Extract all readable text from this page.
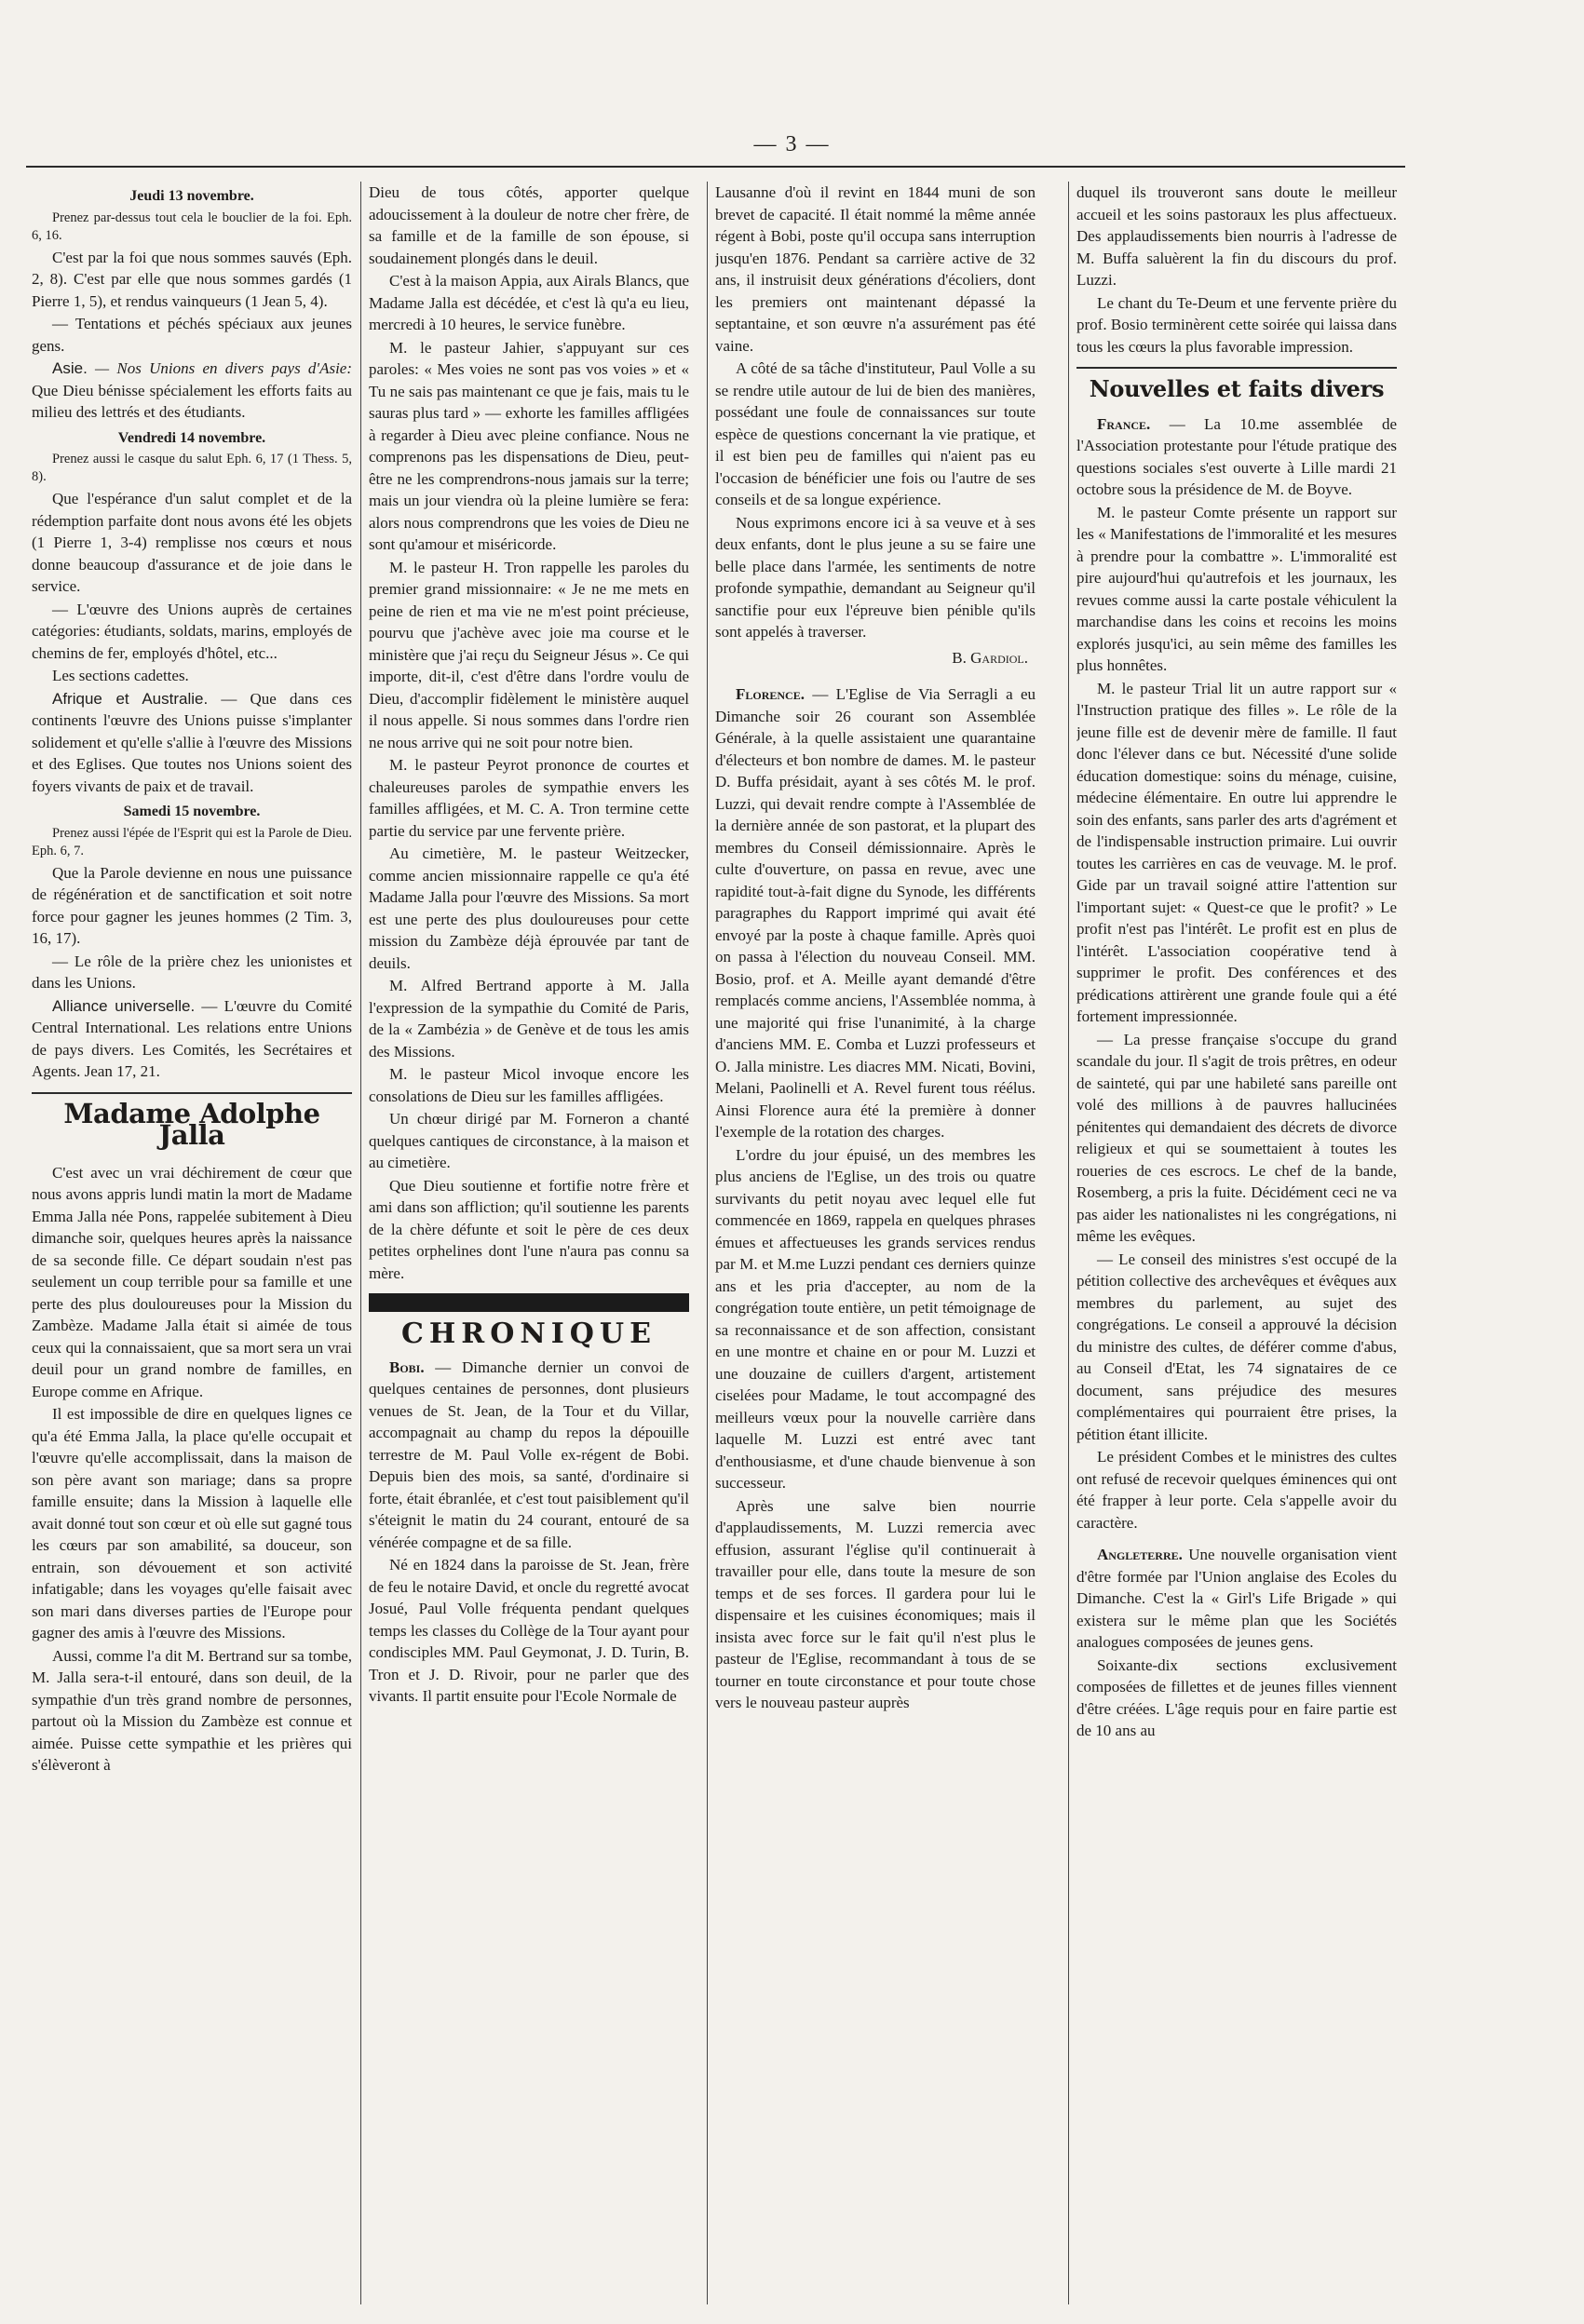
— 3 —
Jeudi 13 novembre.
Prenez par-dessus tout cela le bouclier de la foi. Eph. 6, 16.

C'est par la foi que nous sommes sauvés (Eph. 2, 8). C'est par elle que nous sommes gardés (1 Pierre 1, 5), et rendus vainqueurs (1 Jean 5, 4).

— Tentations et péchés spéciaux aux jeunes gens.

Asie. — Nos Unions en divers pays d'Asie: Que Dieu bénisse spécialement les efforts faits au milieu des lettrés et des étudiants.

Vendredi 14 novembre.
Prenez aussi le casque du salut Eph. 6, 17 (1 Thess. 5, 8).

Que l'espérance d'un salut complet et de la rédemption parfaite dont nous avons été les objets (1 Pierre 1, 3-4) remplisse nos cœurs et nous donne beaucoup d'assurance et de joie dans le service.

— L'œuvre des Unions auprès de certaines catégories: étudiants, soldats, marins, employés de chemins de fer, employés d'hôtel, etc...

Les sections cadettes.

Afrique et Australie. — Que dans ces continents l'œuvre des Unions puisse s'implanter solidement et qu'elle s'allie à l'œuvre des Missions et des Eglises. Que toutes nos Unions soient des foyers vivants de paix et de travail.

Samedi 15 novembre.
Prenez aussi l'épée de l'Esprit qui est la Parole de Dieu. Eph. 6, 7.

Que la Parole devienne en nous une puissance de régénération et de sanctification et soit notre force pour gagner les jeunes hommes (2 Tim. 3, 16, 17).

— Le rôle de la prière chez les unionistes et dans les Unions.

Alliance universelle. — L'œuvre du Comité Central International. Les relations entre Unions de pays divers. Les Comités, les Secrétaires et Agents. Jean 17, 21.

Madame Adolphe Jalla

C'est avec un vrai déchirement de cœur que nous avons appris lundi matin la mort de Madame Emma Jalla née Pons, rappelée subitement à Dieu dimanche soir, quelques heures après la naissance de sa seconde fille. Ce départ soudain n'est pas seulement un coup terrible pour sa famille et une perte des plus douloureuses pour la Mission du Zambèze. Madame Jalla était si aimée de tous ceux qui la connaissaient, que sa mort sera un vrai deuil pour un grand nombre de familles, en Europe comme en Afrique.

Il est impossible de dire en quelques lignes ce qu'a été Emma Jalla, la place qu'elle occupait et l'œuvre qu'elle accomplissait, dans la maison de son père avant son mariage; dans sa propre famille ensuite; dans la Mission à laquelle elle avait donné tout son cœur et où elle sut gagné tous les cœurs par son amabilité, sa douceur, son entrain, son dévouement et son activité infatigable; dans les voyages qu'elle faisait avec son mari dans diverses parties de l'Europe pour gagner des amis à l'œuvre des Missions.

Aussi, comme l'a dit M. Bertrand sur sa tombe, M. Jalla sera-t-il entouré, dans son deuil, de la sympathie d'un très grand nombre de personnes, partout où la Mission du Zambèze est connue et aimée. Puisse cette sympathie et les prières qui s'élèveront à

Dieu de tous côtés, apporter quelque adoucissement à la douleur de notre cher frère, de sa famille et de la famille de son épouse, si soudainement plongés dans le deuil.

C'est à la maison Appia, aux Airals Blancs, que Madame Jalla est décédée, et c'est là qu'a eu lieu, mercredi à 10 heures, le service funèbre.

M. le pasteur Jahier, s'appuyant sur ces paroles: « Mes voies ne sont pas vos voies » et « Tu ne sais pas maintenant ce que je fais, mais tu le sauras plus tard » — exhorte les familles affligées à regarder à Dieu avec pleine confiance. Nous ne comprenons pas les dispensations de Dieu, peut-être ne les comprendrons-nous jamais sur la terre; mais un jour viendra où la pleine lumière se fera: alors nous comprendrons que les voies de Dieu ne sont qu'amour et miséricorde.

M. le pasteur H. Tron rappelle les paroles du premier grand missionnaire: « Je ne me mets en peine de rien et ma vie ne m'est point précieuse, pourvu que j'achève avec joie ma course et le ministère que j'ai reçu du Seigneur Jésus ». Ce qui importe, dit-il, c'est d'être dans l'ordre voulu de Dieu, d'accomplir fidèlement le ministère auquel il nous appelle. Si nous sommes dans l'ordre rien ne nous arrive qui ne soit pour notre bien.

M. le pasteur Peyrot prononce de courtes et chaleureuses paroles de sympathie envers les familles affligées, et M. C. A. Tron termine cette partie du service par une fervente prière.

Au cimetière, M. le pasteur Weitzecker, comme ancien missionnaire rappelle ce qu'a été Madame Jalla pour l'œuvre des Missions. Sa mort est une perte des plus douloureuses pour cette mission du Zambèze déjà éprouvée par tant de deuils.

M. Alfred Bertrand apporte à M. Jalla l'expression de la sympathie du Comité de Paris, de la « Zambézia » de Genève et de tous les amis des Missions.

M. le pasteur Micol invoque encore les consolations de Dieu sur les familles affligées.

Un chœur dirigé par M. Forneron a chanté quelques cantiques de circonstance, à la maison et au cimetière.

Que Dieu soutienne et fortifie notre frère et ami dans son affliction; qu'il soutienne les parents de la chère défunte et soit le père de ces deux petites orphelines dont l'une n'aura pas connu sa mère.

CHRONIQUE

Bobi. — Dimanche dernier un convoi de quelques centaines de personnes, dont plusieurs venues de St. Jean, de la Tour et du Villar, accompagnait au champ du repos la dépouille terrestre de M. Paul Volle ex-régent de Bobi. Depuis bien des mois, sa santé, d'ordinaire si forte, était ébranlée, et c'est tout paisiblement qu'il s'éteignit le matin du 24 courant, entouré de sa vénérée compagne et de sa fille.

Né en 1824 dans la paroisse de St. Jean, frère de feu le notaire David, et oncle du regretté avocat Josué, Paul Volle fréquenta pendant quelques temps les classes du Collège de la Tour ayant pour condisciples MM. Paul Geymonat, J. D. Turin, B. Tron et J. D. Rivoir, pour ne parler que des vivants. Il partit ensuite pour l'Ecole Normale de

Lausanne d'où il revint en 1844 muni de son brevet de capacité. Il était nommé la même année régent à Bobi, poste qu'il occupa sans interruption jusqu'en 1876. Pendant sa carrière active de 32 ans, il instruisit deux générations d'écoliers, dont les premiers ont maintenant dépassé la septantaine, et son œuvre n'a assurément pas été vaine.

A côté de sa tâche d'instituteur, Paul Volle a su se rendre utile autour de lui de bien des manières, possédant une foule de connaissances sur toute espèce de questions concernant la vie pratique, et il est bien peu de familles qui n'aient pas eu l'occasion de bénéficier une fois ou l'autre de ses conseils et de sa longue expérience.

Nous exprimons encore ici à sa veuve et à ses deux enfants, dont le plus jeune a su se faire une belle place dans l'armée, les sentiments de notre profonde sympathie, demandant au Seigneur qu'il sanctifie pour eux l'épreuve bien pénible qu'ils sont appelés à traverser.

B. Gardiol.

Florence. — L'Eglise de Via Serragli a eu Dimanche soir 26 courant son Assemblée Générale, à la quelle assistaient une quarantaine d'électeurs et bon nombre de dames. M. le pasteur D. Buffa présidait, ayant à ses côtés M. le prof. Luzzi, qui devait rendre compte à l'Assemblée de la dernière année de son pastorat, et la plupart des membres du Conseil démissionnaire. Après le culte d'ouverture, on passa en revue, avec une rapidité tout-à-fait digne du Synode, les différents paragraphes du Rapport imprimé qui avait été envoyé par la poste à chaque famille. Après quoi on passa à l'élection du nouveau Conseil. MM. Bosio, prof. et A. Meille ayant demandé d'être remplacés comme anciens, l'Assemblée nomma, à une majorité qui frise l'unanimité, à la charge d'anciens MM. E. Comba et Luzzi professeurs et O. Jalla ministre. Les diacres MM. Nicati, Bovini, Melani, Paolinelli et A. Revel furent tous réélus. Ainsi Florence aura été la première à donner l'exemple de la rotation des charges.

L'ordre du jour épuisé, un des membres les plus anciens de l'Eglise, un des trois ou quatre survivants du petit noyau avec lequel elle fut commencée en 1869, rappela en quelques phrases émues et affectueuses les grands services rendus par M. et M.me Luzzi pendant ces derniers quinze ans et les pria d'accepter, au nom de la congrégation toute entière, un petit témoignage de sa reconnaissance et de son affection, consistant en une montre et chaine en or pour M. Luzzi et une douzaine de cuillers d'argent, artistement ciselées pour Madame, le tout accompagné des meilleurs vœux pour la nouvelle carrière dans laquelle M. Luzzi est entré avec tant d'enthousiasme, et d'une chaude bienvenue à son successeur.

Après une salve bien nourrie d'applaudissements, M. Luzzi remercia avec effusion, assurant l'église qu'il continuerait à travailler pour elle, dans toute la mesure de son temps et de ses forces. Il gardera pour lui le dispensaire et les cuisines économiques; mais il insista avec force sur le fait qu'il n'est plus le pasteur de l'Eglise, recommandant à tous de se tourner en toute circonstance et pour toute chose vers le nouveau pasteur auprès

duquel ils trouveront sans doute le meilleur accueil et les soins pastoraux les plus affectueux. Des applaudissements bien nourris à l'adresse de M. Buffa saluèrent la fin du discours du prof. Luzzi.

Le chant du Te-Deum et une fervente prière du prof. Bosio terminèrent cette soirée qui laissa dans tous les cœurs la plus favorable impression.

Nouvelles et faits divers

France. — La 10.me assemblée de l'Association protestante pour l'étude pratique des questions sociales s'est ouverte à Lille mardi 21 octobre sous la présidence de M. de Boyve.

M. le pasteur Comte présente un rapport sur les « Manifestations de l'immoralité et les mesures à prendre pour la combattre ». L'immoralité est pire aujourd'hui qu'autrefois et les journaux, les revues comme aussi la carte postale véhiculent la marchandise dans les coins et recoins les moins explorés jusqu'ici, au sein même des familles les plus honnêtes.

M. le pasteur Trial lit un autre rapport sur « l'Instruction pratique des filles ». Le rôle de la jeune fille est de devenir mère de famille. Il faut donc l'élever dans ce but. Nécessité d'une solide éducation domestique: soins du ménage, cuisine, médecine élémentaire. En outre lui apprendre le soin des enfants, sans parler des arts d'agrément et de l'indispensable instruction primaire. Lui ouvrir toutes les carrières en cas de veuvage. M. le prof. Gide par un travail soigné attire l'attention sur l'important sujet: « Quest-ce que le profit? » Le profit n'est pas l'intérêt. Le profit est en plus de l'intérêt. L'association coopérative tend à supprimer le profit. Des conférences et des prédications attirèrent une grande foule qui a été fortement impressionnée.

— La presse française s'occupe du grand scandale du jour. Il s'agit de trois prêtres, en odeur de sainteté, qui par une habileté sans pareille ont volé des millions à de pauvres hallucinées pénitentes qui demandaient des décrets de divorce religieux et qui se soumettaient à toutes les roueries de ces escrocs. Le chef de la bande, Rosemberg, a pris la fuite. Décidément ceci ne va pas aider les nationalistes ni les congrégations, ni même les evêques.

— Le conseil des ministres s'est occupé de la pétition collective des archevêques et évêques aux membres du parlement, au sujet des congrégations. Le conseil a approuvé la décision du ministre des cultes, de déférer comme d'abus, au Conseil d'Etat, les 74 signataires de ce document, sans préjudice des mesures complémentaires qui pourraient être prises, la pétition étant illicite.

Le président Combes et le ministres des cultes ont refusé de recevoir quelques éminences qui ont été frapper à leur porte. Cela s'appelle avoir du caractère.

Angleterre. Une nouvelle organisation vient d'être formée par l'Union anglaise des Ecoles du Dimanche. C'est la « Girl's Life Brigade » qui existera sur le même plan que les Sociétés analogues composées de jeunes gens.

Soixante-dix sections exclusivement composées de fillettes et de jeunes filles viennent d'être créées. L'âge requis pour en faire partie est de 10 ans au
